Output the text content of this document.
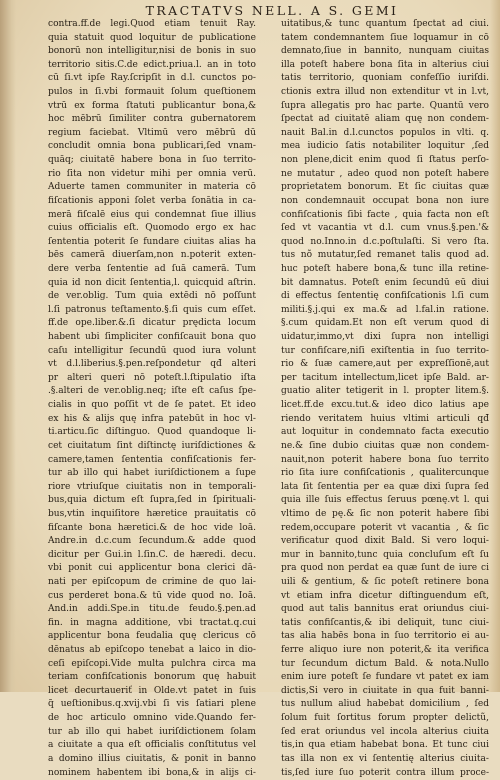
TRACTATVS NELL. A S. GEMI
contra.ff.de legi.Quod etiam tenuit Ray.
quia statuit quod loquitur de publicatione
bonorū non intelligitur,nisi de bonis in suo
territorio sitis.C.de edict.priua.l. an in toto
cū ſi.vt ipſe Ray.ſcripſit in d.l. cunctos po-
pulos in ſi.vbi formauit ſolum queſtionem
vtrū ex forma ſtatuti publicantur bona,&
hoc mēbrū ſimiliter contra gubernatorem
regium faciebat. Vltimū vero mēbrū dū
concludit omnia bona publicari,ſed vnam-
quāq; ciuitatē habere bona in ſuo territo-
rio ſita non videtur mihi per omnia verū.
Aduerte tamen communiter in materia cō
fiſcationis apponi ſolet verba ſonātia in ca-
merā fiſcalē eius qui condemnat ſiue illius
cuius officialis eſt. Quomodo ergo ex hac
ſententia poterit ſe fundare ciuitas alias ha
bēs camerā diuerſam,non n.poterit exten-
dere verba ſententie ad ſuā camerā. Tum
quia id non dicit ſententia,l. quicquid aſtrin.
de ver.oblig. Tum quia extēdi nō poſſunt
l.ſi patronus teſtamento.§.ſi quis cum eſſet.
ff.de ope.liber.&.ſi dicatur prędicta locum
habent ubi ſimpliciter confiſcauit bona quo
caſu intelligitur ſecundū quod iura volunt
vt d.l.liberius.§.pen.reſpondetur qđ alteri
pr alteri queri nō poteſt.l.ſtipulatio iſta
.§.alteri de ver.oblig.neq; iſte eſt caſus ſpe-
cialis in quo poſſit vt de ſe patet. Et ideo
ex his & alijs quę infra patebūt in hoc vl-
ti.articu.ſic diſtinguo. Quod quandoque li-
cet ciuitatum ſint diſtinctę iuriſdictiones &
camere,tamen ſententia confiſcationis fer-
tur ab illo qui habet iuriſdictionem a ſupe
riore vtriuſque ciuitatis non in temporali-
bus,quia dictum eſt ſupra,ſed in ſpirituali-
bus,vtin inquiſitore hæretice prauitatis cō
fiſcante bona hæretici.& de hoc vide loā.
Andre.in d.c.cum ſecundum.& adde quod
dicitur per Gui.in l.ſin.C. de hæredi. decu.
vbi ponit cui applicentur bona clerici dā-
nati per epiſcopum de crimine de quo lai-
cus perderet bona.& tū vide quod no. Ioā.
And.in addi.Spe.in titu.de feudo.§.pen.ad
fin. in magna additione, vbi tractat.q.cui
applicentur bona feudalia quę clericus cō
dēnatus ab epiſcopo tenebat a laico in dio-
ceſi epiſcopi.Vide multa pulchra circa ma
teriam confiſcationis bonorum quę habuit
licet decurtaueriť in Olde.vt patet in ſuis
q̃ ueſtionibus.q.xvij.vbi ſi vis ſatiari plene
de hoc articulo omnino vide.Quando fer-
tur ab illo qui habet iuriſdictionem ſolam
a ciuitate a qua eſt officialis conſtitutus vel
a domino illius ciuitatis, & ponit in banno
nominem habentem ibi bona,& in alijs ci-
uitatibus,& tunc quantum ſpectat ad ciui.
tatem condemnantem ſiue loquamur in cō
demnato,ſiue in bannito, nunquam ciuitas
illa poteſt habere bona ſita in alterius ciui
tatis territorio, quoniam confeſſio iuriſdi.
ctionis extra illud non extenditur vt in l.vt,
ſupra allegatis pro hac parte. Quantū vero
ſpectat ad ciuitatē aliam quę non condem-
nauit Bal.in d.l.cunctos populos in vlti. q.
mea iudicio ſatis notabiliter loquitur ,ſed
non plene,dicit enim quod ſi ſtatus perſo-
ne mutatur , adeo quod non poteſt habere
proprietatem bonorum. Et ſic ciuitas quæ
non condemnauit occupat bona non iure
confiſcationis ſibi facte , quia facta non eſt
ſed vt vacantia vt d.l. cum vnus.§.pen.'&
quod no.Inno.in d.c.poſtulaſti. Si vero ſta.
tus nõ mutatur,ſed remanet talis quod ad.
huc poteſt habere bona,& tunc illa retine-
bit damnatus. Poteſt enim ſecundū eū diui
di effectus ſententię confiſcationis l.ſi cum
militi.§.j.qui ex ma.& ad l.fal.in ratione.
§.cum quidam.Et non eſt verum quod di
uidatur,immo,vt dixi ſupra non intelligi
tur confiſcare,niſi exiſtentia in ſuo territo-
rio & ſuæ camere,aut per expreſſionē,aut
per tacitum intellectum,licet ipſe Bald. ar-
guatio aliter tetigerit in l. propter litem.§.
licet.ff.de excu.tut.& ideo dico latius ape
riendo veritatem huius vltimi articuli qđ
aut loquitur in condemnato facta executio
ne.& ſine dubio ciuitas quæ non condem-
nauit,non poterit habere bona ſuo territo
rio ſita iure confiſcationis , qualitercunque
lata ſit ſententia per ea quæ dixi ſupra ſed
quia ille ſuis effectus ſeruus pœnę.vt l. qui
vltimo de pę.& ſic non poterit habere ſibi
redem,occupare poterit vt vacantia , & ſic
verificatur quod dixit Bald. Si vero loqui-
mur in bannito,tunc quia concluſum eſt ſu
pra quod non perdat ea quæ ſunt de iure ci
uili & gentium, & ſic poteſt retinere bona
vt etiam infra dicetur diſtinguendum eſt,
quod aut talis bannitus erat oriundus ciui-
tatis confiſcantis,& ibi deliquit, tunc ciui-
tas alia habēs bona in ſuo territorio ei au-
ferre aliquo iure non poterit,& ita verifica
tur ſecundum dictum Bald. & nota.Nullo
enim iure poteſt ſe fundare vt patet ex iam
dictis,Si vero in ciuitate in qua fuit banni-
tus nullum aliud habebat domicilium , ſed
ſolum fuit ſortitus forum propter delictũ,
ſed erat oriundus vel incola alterius ciuita
tis,in qua etiam habebat bona. Et tunc ciui
tas illa non ex vi ſententię alterius ciuita-
tis,ſed iure ſuo poterit contra illum proce-
